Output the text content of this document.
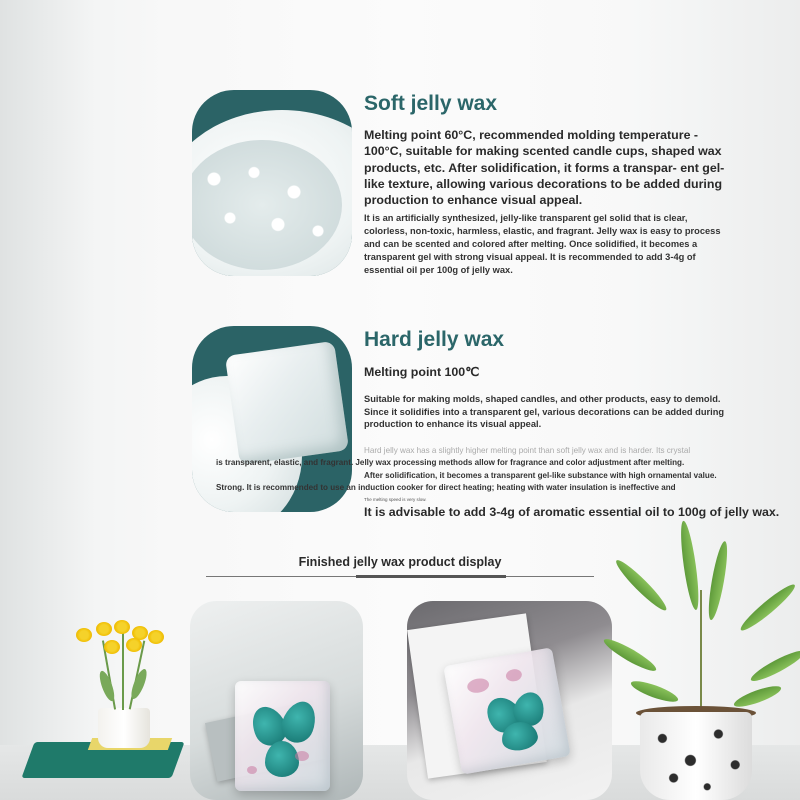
Soft jelly wax
Melting point 60°C, recommended molding temperature - 100°C, suitable for making scented candle cups, shaped wax products, etc. After solidification, it forms a transpar- ent gel-like texture, allowing various decorations to be added during production to enhance visual appeal.
It is an artificially synthesized, jelly-like transparent gel solid that is clear, colorless, non-toxic, harmless, elastic, and fragrant. Jelly wax is easy to process and can be scented and colored after melting. Once solidified, it becomes a transparent gel with strong visual appeal. It is recommended to add 3-4g of essential oil per 100g of jelly wax.
Hard jelly wax
Melting point 100℃
Suitable for making molds, shaped candles, and other products, easy to demold. Since it solidifies into a transparent gel, various decorations can be added during production to enhance its visual appeal.
Hard jelly wax has a slightly higher melting point than soft jelly wax and is harder. Its crystal
is transparent, elastic, and fragrant. Jelly wax processing methods allow for fragrance and color adjustment after melting.
After solidification, it becomes a transparent gel-like substance with high ornamental value.
Strong. It is recommended to use an induction cooker for direct heating; heating with water insulation is ineffective and
The melting speed is very slow.
It is advisable to add 3-4g of aromatic essential oil to 100g of jelly wax.
Finished jelly wax product display
